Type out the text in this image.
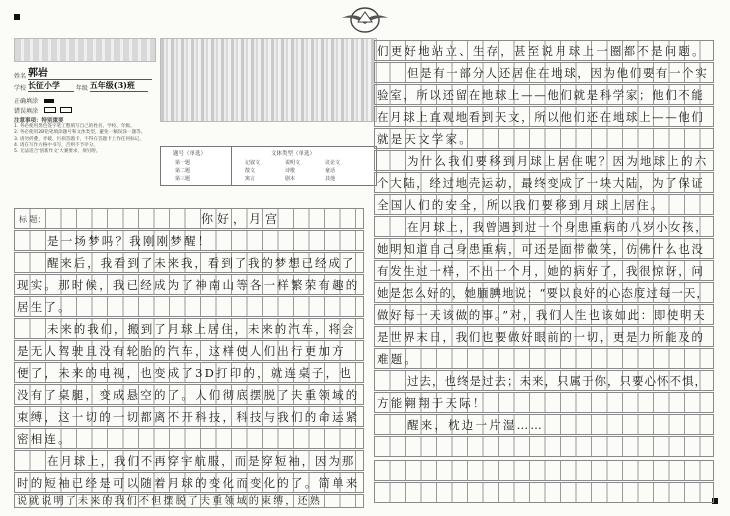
姓名 郭岩
学校 长征小学	年级 五年级(3)班
正确填涂
错误填涂
注意事项：特别重要
1. 务必使用黑色签字笔工整填写自己的姓名、学校、年级。
2. 务必使用2B铅笔填涂题号和文体类型，避免一稿误涂一题等。
3. 请勿折叠、弄破、污损答题卡，不得在答题卡上作任何标记。
4. 请在写作方格中书写，否则不予评分。
5. 无法适合'创新作文'大赛要求，须另附。	题号（单选）
第一题
第二题
第三题
文体类型（单选）
记叙文	说明文	议论文
散文	诗歌	童话
寓言	剧本	其他
标 题：	你好，月宫
是一场梦吗？我刚刚梦醒！
醒来后，我看到了未来我，看到了我的梦想已经成了
现实。那时候，我已经成为了神南山等各一样繁荣有趣的
居生了。
未来的我们，搬到了月球上居住，未来的汽车，将会
是无人驾驶且没有轮胎的汽车，这样使人们出行更加方
便了，未来的电视，也变成了3D打印的，就连桌子，也
没有了桌腿，变成悬空的了。人们彻底摆脱了夫重领域的
束缚，这一切的一切都离不开科技，科技与我们的命运紧
密相连。
在月球上，我们不再穿宇航服，而是穿短袖，因为那
时的短袖已经是可以随着月球的变化而变化的了。简单来
说就说明了未来的我们不但摆脱了夫重领域的束缚，还熟
们更好地站立、生存，甚至说月球上一圈都不是问题。
但是有一部分人还居住在地球，因为他们要有一个实
验室，所以还留在地球上——他们就是科学家；他们不能
在月球上直观地看到天文，所以他们还在地球上——他们
就是天文学家。
为什么我们要移到月球上居住呢？因为地球上的六
个大陆，经过地壳运动，最终变成了一块大陆，为了保证
全国人们的安全，所以我们要移到月球上居住。
在月球上，我曾遇到过一个身患重病的八岁小女孩，
她明知道自己身患重病，可还是面带微笑，仿佛什么也没
有发生过一样，不出一个月，她的病好了，我很惊讶，问
她是怎么好的，她腼腆地说：“要以良好的心态度过每一天，
做好每一天该做的事。”对，我们人生也该如此：即使明天
是世界末日，我们也要做好眼前的一切，更是力所能及的
难题。
过去，也终是过去；未来，只属于你，只要心怀不惧，
方能翱翔于天际！
醒来，枕边一片湿……
